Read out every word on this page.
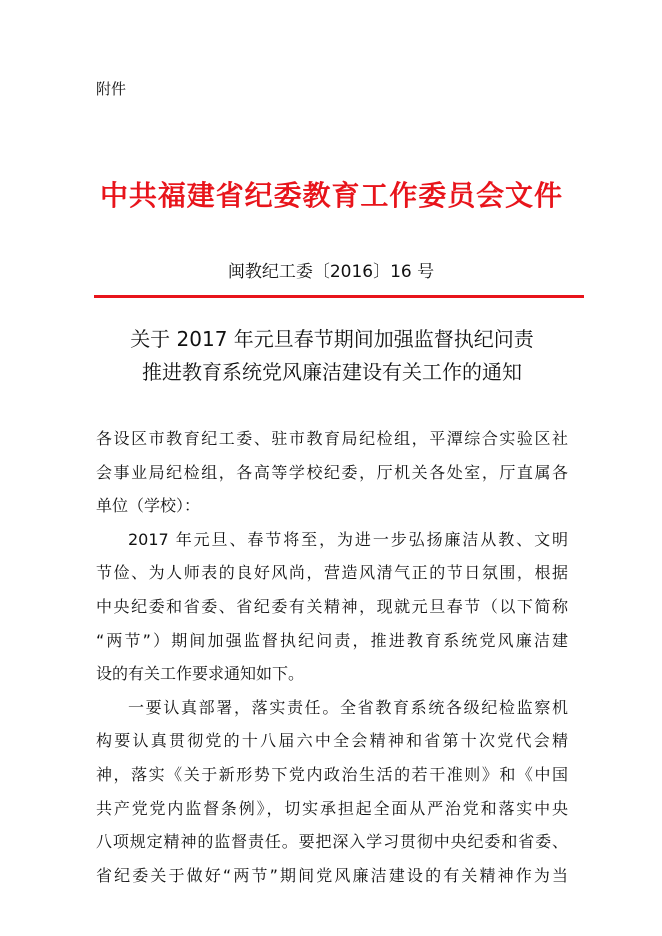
附件
中共福建省纪委教育工作委员会文件
闽教纪工委〔2016〕16 号
关于 2017 年元旦春节期间加强监督执纪问责
推进教育系统党风廉洁建设有关工作的通知
各设区市教育纪工委、驻市教育局纪检组，平潭综合实验区社
会事业局纪检组，各高等学校纪委，厅机关各处室，厅直属各
单位（学校）：
2017 年元旦、春节将至，为进一步弘扬廉洁从教、文明
节俭、为人师表的良好风尚，营造风清气正的节日氛围，根据
中央纪委和省委、省纪委有关精神，现就元旦春节（以下简称
“两节”）期间加强监督执纪问责，推进教育系统党风廉洁建
设的有关工作要求通知如下。
一要认真部署，落实责任。全省教育系统各级纪检监察机
构要认真贯彻党的十八届六中全会精神和省第十次党代会精
神，落实《关于新形势下党内政治生活的若干准则》和《中国
共产党党内监督条例》，切实承担起全面从严治党和落实中央
八项规定精神的监督责任。要把深入学习贯彻中央纪委和省委、
省纪委关于做好“两节”期间党风廉洁建设的有关精神作为当
